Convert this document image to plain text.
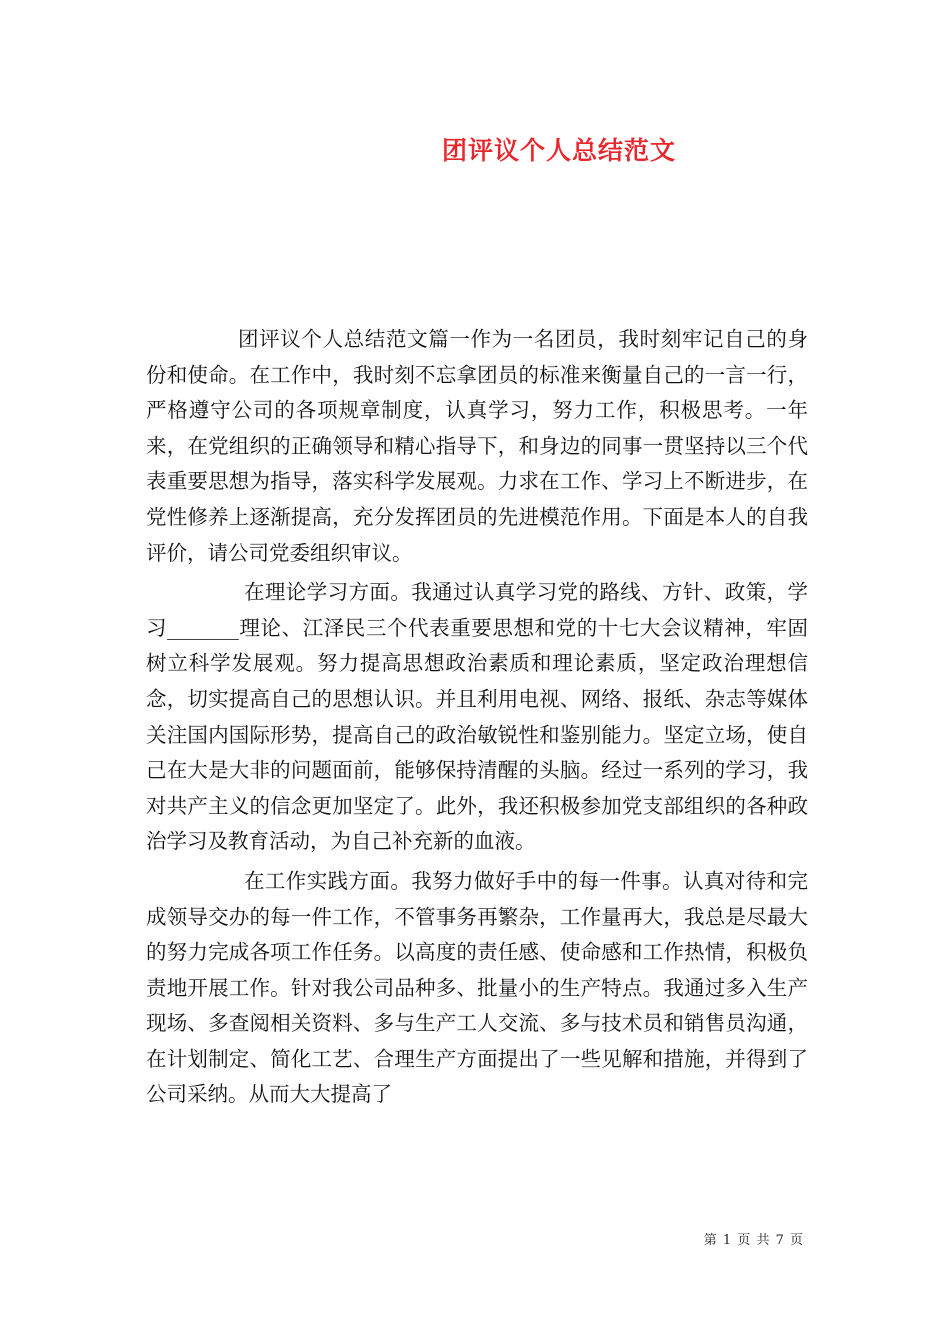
团评议个人总结范文

团评议个人总结范文篇一作为一名团员，我时刻牢记自己的身份和使命。在工作中，我时刻不忘拿团员的标准来衡量自己的一言一行，严格遵守公司的各项规章制度，认真学习，努力工作，积极思考。一年来，在党组织的正确领导和精心指导下，和身边的同事一贯坚持以三个代表重要思想为指导，落实科学发展观。力求在工作、学习上不断进步，在党性修养上逐渐提高，充分发挥团员的先进模范作用。下面是本人的自我评价，请公司党委组织审议。

在理论学习方面。我通过认真学习党的路线、方针、政策，学习_______理论、江泽民三个代表重要思想和党的十七大会议精神，牢固树立科学发展观。努力提高思想政治素质和理论素质，坚定政治理想信念，切实提高自己的思想认识。并且利用电视、网络、报纸、杂志等媒体关注国内国际形势，提高自己的政治敏锐性和鉴别能力。坚定立场，使自己在大是大非的问题面前，能够保持清醒的头脑。经过一系列的学习，我对共产主义的信念更加坚定了。此外，我还积极参加党支部组织的各种政治学习及教育活动，为自己补充新的血液。

在工作实践方面。我努力做好手中的每一件事。认真对待和完成领导交办的每一件工作，不管事务再繁杂，工作量再大，我总是尽最大的努力完成各项工作任务。以高度的责任感、使命感和工作热情，积极负责地开展工作。针对我公司品种多、批量小的生产特点。我通过多入生产现场、多查阅相关资料、多与生产工人交流、多与技术员和销售员沟通，在计划制定、简化工艺、合理生产方面提出了一些见解和措施，并得到了公司采纳。从而大大提高了

第 1 页 共 7 页
